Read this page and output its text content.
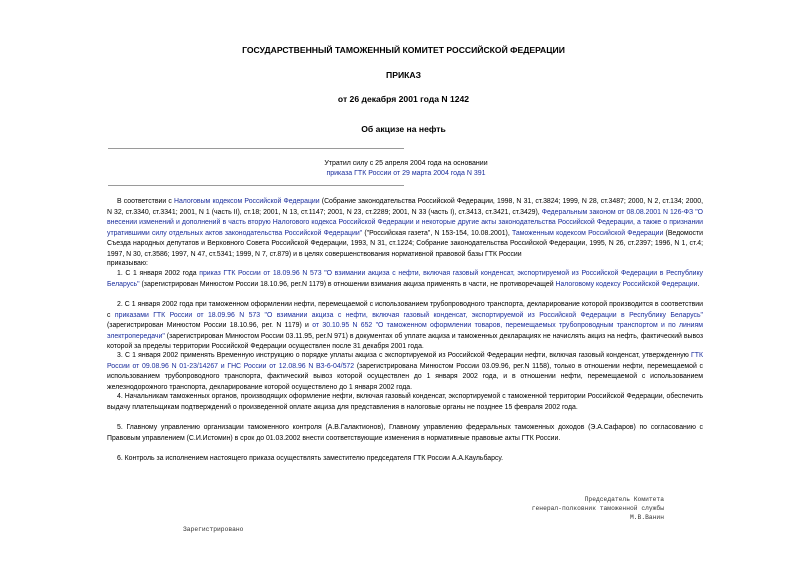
ГОСУДАРСТВЕННЫЙ ТАМОЖЕННЫЙ КОМИТЕТ РОССИЙСКОЙ ФЕДЕРАЦИИ
ПРИКАЗ
от 26 декабря 2001 года N 1242
Об акцизе на нефть
Утратил силу с 25 апреля 2004 года на основании
приказа ГТК России от 29 марта 2004 года N 391

В соответствии с Налоговым кодексом Российской Федерации (Собрание законодательства Российской Федерации, 1998, N 31, ст.3824; 1999, N 28, ст.3487; 2000, N 2, ст.134; 2000, N 32, ст.3340, ст.3341; 2001, N 1 (часть II), ст.18; 2001, N 13, ст.1147; 2001, N 23, ст.2289; 2001, N 33 (часть I), ст.3413, ст.3421, ст.3429), Федеральным законом от 08.08.2001 N 126-ФЗ "О внесении изменений и дополнений в часть вторую Налогового кодекса Российской Федерации и некоторые другие акты законодательства Российской Федерации, а также о признании утратившими силу отдельных актов законодательства Российской Федерации" ("Российская газета", N 153-154, 10.08.2001), Таможенным кодексом Российской Федерации (Ведомости Съезда народных депутатов и Верховного Совета Российской Федерации, 1993, N 31, ст.1224; Собрание законодательства Российской Федерации, 1995, N 26, ст.2397; 1996, N 1, ст.4; 1997, N 30, ст.3586; 1997, N 47, ст.5341; 1999, N 7, ст.879) и в целях совершенствования нормативной правовой базы ГТК России

приказываю:

1. С 1 января 2002 года приказ ГТК России от 18.09.96 N 573 "О взимании акциза с нефти, включая газовый конденсат, экспортируемой из Российской Федерации в Республику Беларусь" (зарегистрирован Минюстом России 18.10.96, рег.N 1179) в отношении взимания акциза применять в части, не противоречащей Налоговому кодексу Российской Федерации.

2. С 1 января 2002 года при таможенном оформлении нефти, перемещаемой с использованием трубопроводного транспорта, декларирование которой производится в соответствии с приказами ГТК России от 18.09.96 N 573 "О взимании акциза с нефти, включая газовый конденсат, экспортируемой из Российской Федерации в Республику Беларусь" (зарегистрирован Минюстом России 18.10.96, рег. N 1179) и от 30.10.95 N 652 "О таможенном оформлении товаров, перемещаемых трубопроводным транспортом и по линиям электропередачи" (зарегистрирован Минюстом России 03.11.95, рег.N 971) в документах об уплате акциза и таможенных декларациях не начислять акциз на нефть, фактический вывоз которой за пределы территории Российской Федерации осуществлен после 31 декабря 2001 года.

3. С 1 января 2002 применять Временную инструкцию о порядке уплаты акциза с экспортируемой из Российской Федерации нефти, включая газовый конденсат, утвержденную ГТК России от 09.08.96 N 01-23/14267 и ГНС России от 12.08.96 N ВЗ-6-04/572 (зарегистрирована Минюстом России 03.09.96, рег.N 1158), только в отношении нефти, перемещаемой с использованием трубопроводного транспорта, фактический вывоз которой осуществлен до 1 января 2002 года, и в отношении нефти, перемещаемой с использованием железнодорожного транспорта, декларирование которой осуществлено до 1 января 2002 года.

4. Начальникам таможенных органов, производящих оформление нефти, включая газовый конденсат, экспортируемой с таможенной территории Российской Федерации, обеспечить выдачу плательщикам подтверждений о произведенной оплате акциза для представления в налоговые органы не позднее 15 февраля 2002 года.

5. Главному управлению организации таможенного контроля (А.В.Галактионов), Главному управлению федеральных таможенных доходов (Э.А.Сафаров) по согласованию с Правовым управлением (С.И.Истомин) в срок до 01.03.2002 внести соответствующие изменения в нормативные правовые акты ГТК России.

6. Контроль за исполнением настоящего приказа осуществлять заместителю председателя ГТК России А.А.Каульбарсу.

Председатель Комитета
генерал-полковник таможенной службы
М.В.Ванин
Зарегистрировано
